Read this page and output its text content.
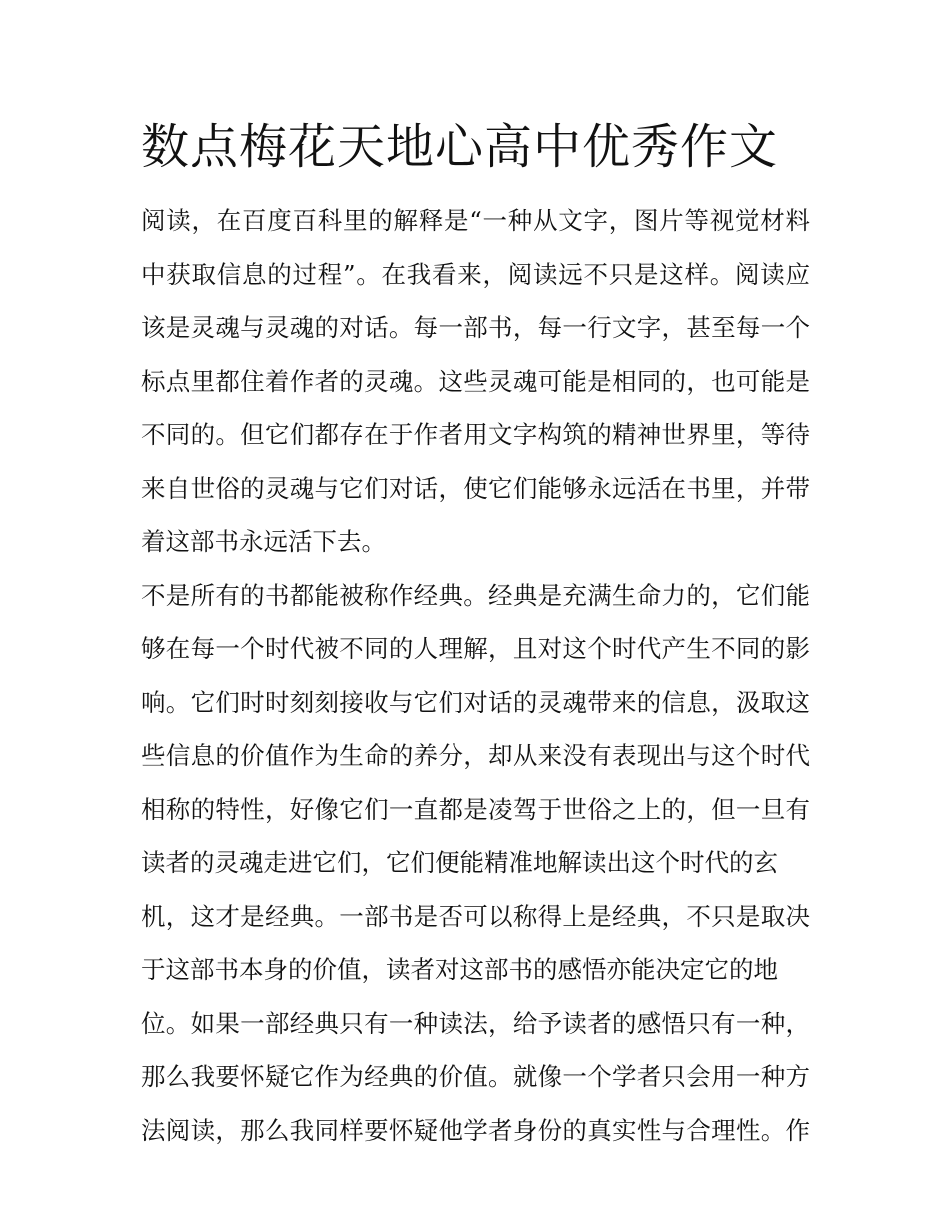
数点梅花天地心高中优秀作文
阅读，在百度百科里的解释是“一种从文字，图片等视觉材料
中获取信息的过程”。在我看来，阅读远不只是这样。阅读应
该是灵魂与灵魂的对话。每一部书，每一行文字，甚至每一个
标点里都住着作者的灵魂。这些灵魂可能是相同的，也可能是
不同的。但它们都存在于作者用文字构筑的精神世界里，等待
来自世俗的灵魂与它们对话，使它们能够永远活在书里，并带
着这部书永远活下去。
不是所有的书都能被称作经典。经典是充满生命力的，它们能
够在每一个时代被不同的人理解，且对这个时代产生不同的影
响。它们时时刻刻接收与它们对话的灵魂带来的信息，汲取这
些信息的价值作为生命的养分，却从来没有表现出与这个时代
相称的特性，好像它们一直都是凌驾于世俗之上的，但一旦有
读者的灵魂走进它们，它们便能精准地解读出这个时代的玄
机，这才是经典。一部书是否可以称得上是经典，不只是取决
于这部书本身的价值，读者对这部书的感悟亦能决定它的地
位。如果一部经典只有一种读法，给予读者的感悟只有一种，
那么我要怀疑它作为经典的价值。就像一个学者只会用一种方
法阅读，那么我同样要怀疑他学者身份的真实性与合理性。作
